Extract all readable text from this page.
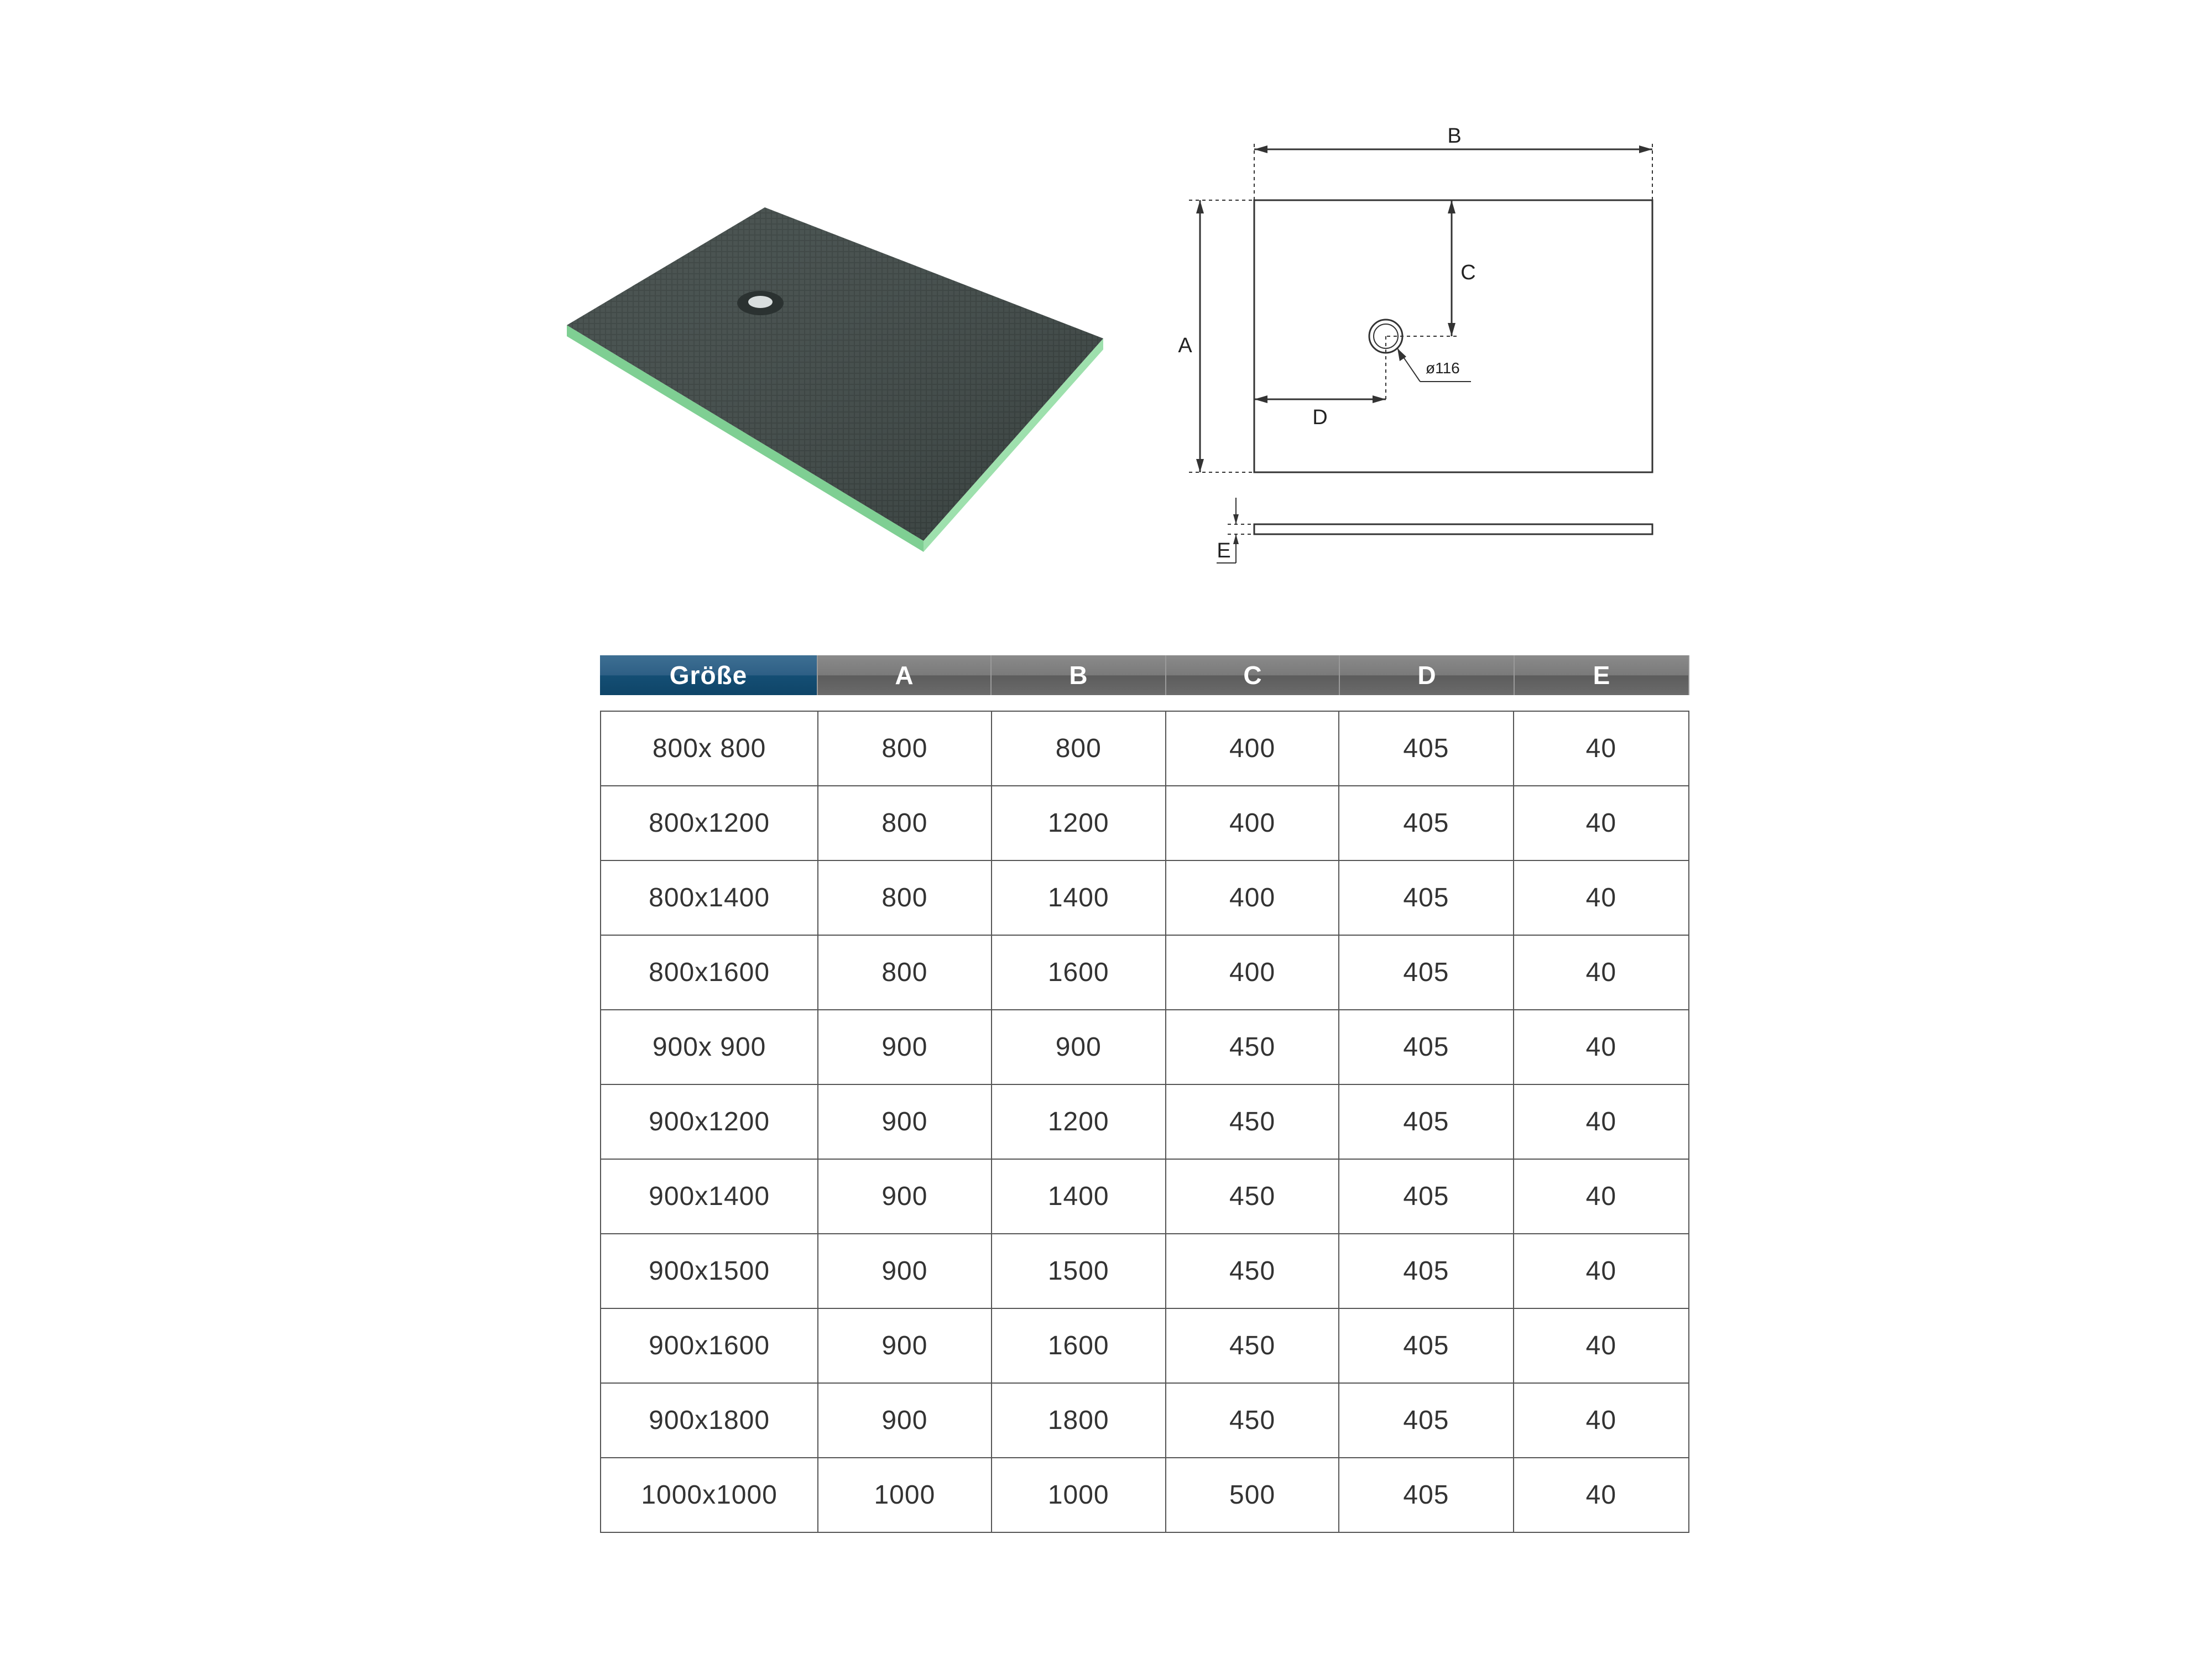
B
A
C
ø116
D
E
Größe	A	B	C	D	E
800x 800	800	800	400	405	40
800x1200	800	1200	400	405	40
800x1400	800	1400	400	405	40
800x1600	800	1600	400	405	40
900x 900	900	900	450	405	40
900x1200	900	1200	450	405	40
900x1400	900	1400	450	405	40
900x1500	900	1500	450	405	40
900x1600	900	1600	450	405	40
900x1800	900	1800	450	405	40
1000x1000	1000	1000	500	405	40
